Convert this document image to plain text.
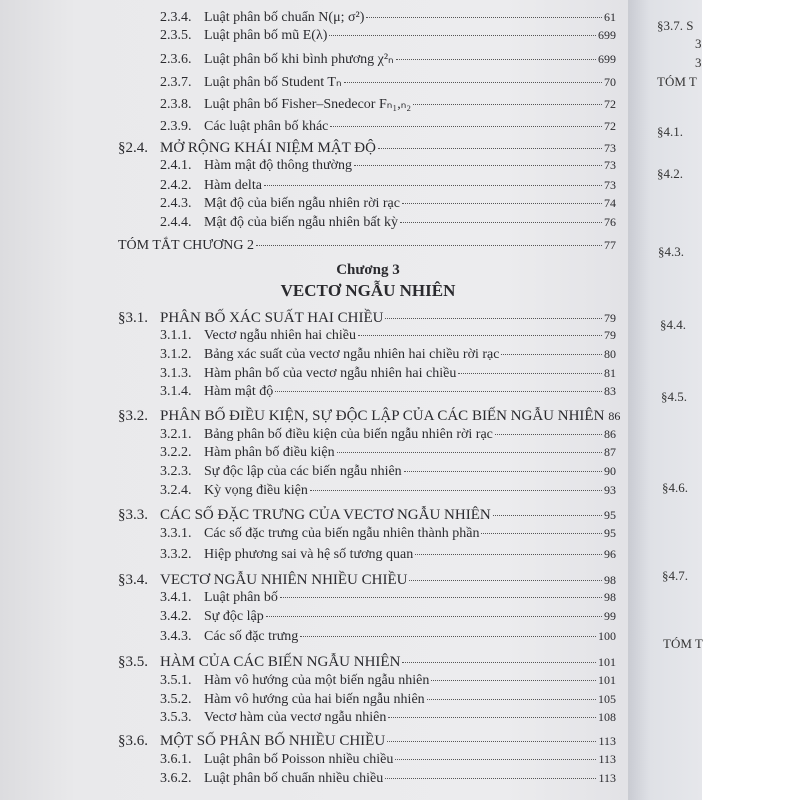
Chương 3
VECTƠ NGẪU NHIÊN
2.3.4. Luật phân bố chuẩn N(μ; σ²)	61
2.3.5. Luật phân bố mũ E(λ)	699
2.3.6. Luật phân bố khi bình phương χ²ₙ	699
2.3.7. Luật phân bố Student Tₙ	70
2.3.8. Luật phân bố Fisher–Snedecor Fₙ₁,ₙ₂	72
2.3.9. Các luật phân bố khác	72
§2.4. MỞ RỘNG KHÁI NIỆM MẬT ĐỘ	73
2.4.1. Hàm mật độ thông thường	73
2.4.2. Hàm delta	73
2.4.3. Mật độ của biến ngẫu nhiên rời rạc	74
2.4.4. Mật độ của biến ngẫu nhiên bất kỳ	76
TÓM TẮT CHƯƠNG 2	77
§3.1. PHÂN BỐ XÁC SUẤT HAI CHIỀU	79
3.1.1. Vectơ ngẫu nhiên hai chiều	79
3.1.2. Bảng xác suất của vectơ ngẫu nhiên hai chiều rời rạc	80
3.1.3. Hàm phân bố của vectơ ngẫu nhiên hai chiều	81
3.1.4. Hàm mật độ	83
§3.2. PHÂN BỐ ĐIỀU KIỆN, SỰ ĐỘC LẬP CỦA CÁC BIẾN NGẪU NHIÊN 86
3.2.1. Bảng phân bố điều kiện của biến ngẫu nhiên rời rạc	86
3.2.2. Hàm phân bố điều kiện	87
3.2.3. Sự độc lập của các biến ngẫu nhiên	90
3.2.4. Kỳ vọng điều kiện	93
§3.3. CÁC SỐ ĐẶC TRƯNG CỦA VECTƠ NGẪU NHIÊN	95
3.3.1. Các số đặc trưng của biến ngẫu nhiên thành phần	95
3.3.2. Hiệp phương sai và hệ số tương quan	96
§3.4. VECTƠ NGẪU NHIÊN NHIỀU CHIỀU	98
3.4.1. Luật phân bố	98
3.4.2. Sự độc lập	99
3.4.3. Các số đặc trưng	100
§3.5. HÀM CỦA CÁC BIẾN NGẪU NHIÊN	101
3.5.1. Hàm vô hướng của một biến ngẫu nhiên	101
3.5.2. Hàm vô hướng của hai biến ngẫu nhiên	105
3.5.3. Vectơ hàm của vectơ ngẫu nhiên	108
§3.6. MỘT SỐ PHÂN BỐ NHIỀU CHIỀU	113
3.6.1. Luật phân bố Poisson nhiều chiều	113
3.6.2. Luật phân bố chuẩn nhiều chiều	113
§3.7. S
3
3
TÓM T
§4.1.
§4.2.
§4.3.
§4.4.
§4.5.
§4.6.
§4.7.
TÓM T
